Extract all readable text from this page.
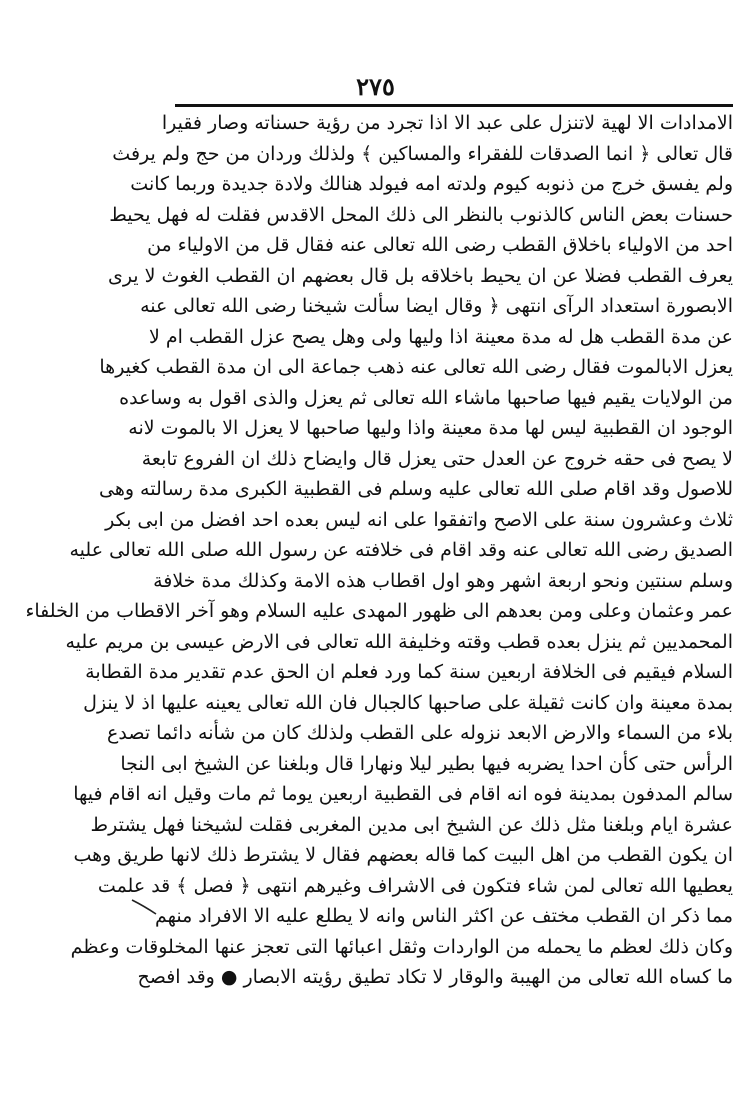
٢٧٥
الامدادات الا لهية لاتنزل على عبد الا اذا تجرد من رؤية حسناته وصار فقيرا
قال تعالى ﴿ انما الصدقات للفقراء والمساكين ﴾ ولذلك وردان من حج ولم يرفث
ولم يفسق خرج من ذنوبه كيوم ولدته امه فيولد هنالك ولادة جديدة وربما كانت
حسنات بعض الناس كالذنوب بالنظر الى ذلك المحل الاقدس فقلت له فهل يحيط
احد من الاولياء باخلاق القطب رضى الله تعالى عنه فقال قل من الاولياء من
يعرف القطب فضلا عن ان يحيط باخلاقه بل قال بعضهم ان القطب الغوث لا يرى
الابصورة استعداد الرآى انتهى ﴿ وقال ايضا سألت شيخنا رضى الله تعالى عنه
عن مدة القطب هل له مدة معينة اذا وليها ولى وهل يصح عزل القطب ام لا
يعزل الابالموت فقال رضى الله تعالى عنه ذهب جماعة الى ان مدة القطب كغيرها
من الولايات يقيم فيها صاحبها ماشاء الله تعالى ثم يعزل والذى اقول به وساعده
الوجود ان القطبية ليس لها مدة معينة واذا وليها صاحبها لا يعزل الا بالموت لانه
لا يصح فى حقه خروج عن العدل حتى يعزل قال وايضاح ذلك ان الفروع تابعة
للاصول وقد اقام صلى الله تعالى عليه وسلم فى القطبية الكبرى مدة رسالته وهى
ثلاث وعشرون سنة على الاصح واتفقوا على انه ليس بعده احد افضل من ابى بكر
الصديق رضى الله تعالى عنه وقد اقام فى خلافته عن رسول الله صلى الله تعالى عليه
وسلم سنتين ونحو اربعة اشهر وهو اول اقطاب هذه الامة وكذلك مدة خلافة
عمر وعثمان وعلى ومن بعدهم الى ظهور المهدى عليه السلام وهو آخر الاقطاب من الخلفاء
المحمديين ثم ينزل بعده قطب وقته وخليفة الله تعالى فى الارض عيسى بن مريم عليه
السلام فيقيم فى الخلافة اربعين سنة كما ورد فعلم ان الحق عدم تقدير مدة القطابة
بمدة معينة وان كانت ثقيلة على صاحبها كالجبال فان الله تعالى يعينه عليها اذ لا ينزل
بلاء من السماء والارض الابعد نزوله على القطب ولذلك كان من شأنه دائما تصدع
الرأس حتى كأن احدا يضربه فيها بطير ليلا ونهارا قال وبلغنا عن الشيخ ابى النجا
سالم المدفون بمدينة فوه انه اقام فى القطبية اربعين يوما ثم مات وقيل انه اقام فيها
عشرة ايام وبلغنا مثل ذلك عن الشيخ ابى مدين المغربى فقلت لشيخنا فهل يشترط
ان يكون القطب من اهل البيت كما قاله بعضهم فقال لا يشترط ذلك لانها طريق وهب
يعطيها الله تعالى لمن شاء فتكون فى الاشراف وغيرهم انتهى ﴿ فصل ﴾ قد علمت
مما ذكر ان القطب مختف عن اكثر الناس وانه لا يطلع عليه الا الافراد منهم
وكان ذلك لعظم ما يحمله من الواردات وثقل اعبائها التى تعجز عنها المخلوقات وعظم
ما كساه الله تعالى من الهيبة والوقار لا تكاد تطيق رؤيته الابصار ● وقد افصح
